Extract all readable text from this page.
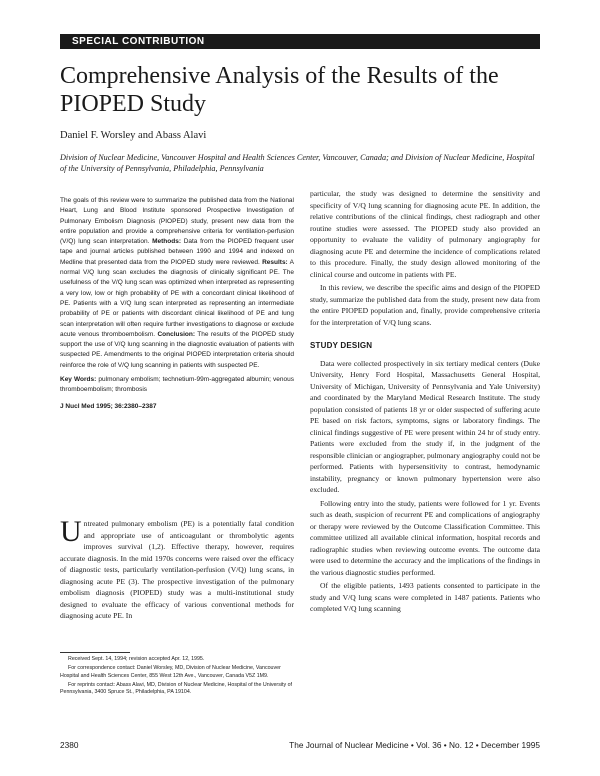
SPECIAL CONTRIBUTION
Comprehensive Analysis of the Results of the PIOPED Study
Daniel F. Worsley and Abass Alavi
Division of Nuclear Medicine, Vancouver Hospital and Health Sciences Center, Vancouver, Canada; and Division of Nuclear Medicine, Hospital of the University of Pennsylvania, Philadelphia, Pennsylvania

The goals of this review were to summarize the published data from the National Heart, Lung and Blood Institute sponsored Prospective Investigation of Pulmonary Embolism Diagnosis (PIOPED) study, present new data from the entire population and provide a comprehensive criteria for ventilation-perfusion (V/Q) lung scan interpretation. Methods: Data from the PIOPED frequent user tape and journal articles published between 1990 and 1994 and indexed on Medline that presented data from the PIOPED study were reviewed. Results: A normal V/Q lung scan excludes the diagnosis of clinically significant PE. The usefulness of the V/Q lung scan was optimized when interpreted as representing a very low, low or high probability of PE with a concordant clinical likelihood of PE. Patients with a V/Q lung scan interpreted as representing an intermediate probability of PE or patients with discordant clinical likelihood of PE and lung scan interpretation will often require further investigations to diagnose or exclude acute venous thromboembolism. Conclusion: The results of the PIOPED study support the use of V/Q lung scanning in the diagnostic evaluation of patients with suspected PE. Amendments to the original PIOPED interpretation criteria should reinforce the role of V/Q lung scanning in patients with suspected PE.

Key Words: pulmonary embolism; technetium-99m-aggregated albumin; venous thromboembolism; thrombosis

J Nucl Med 1995; 36:2380–2387

Untreated pulmonary embolism (PE) is a potentially fatal condition and appropriate use of anticoagulant or thrombolytic agents improves survival (1,2). Effective therapy, however, requires accurate diagnosis. In the mid 1970s concerns were raised over the efficacy of diagnostic tests, particularly ventilation-perfusion (V/Q) lung scans, in diagnosing acute PE (3). The prospective investigation of the pulmonary embolism diagnosis (PIOPED) study was a multi-institutional study designed to evaluate the efficacy of various conventional methods for diagnosing acute PE. In

Received Sept. 14, 1994; revision accepted Apr. 12, 1995.

For correspondence contact: Daniel Worsley, MD, Division of Nuclear Medicine, Vancouver Hospital and Health Sciences Center, 855 West 12th Ave., Vancouver, Canada V5Z 1M9.

For reprints contact: Abass Alavi, MD, Division of Nuclear Medicine, Hospital of the University of Pennsylvania, 3400 Spruce St., Philadelphia, PA 19104.

particular, the study was designed to determine the sensitivity and specificity of V/Q lung scanning for diagnosing acute PE. In addition, the relative contributions of the clinical findings, chest radiograph and other routine studies were assessed. The PIOPED study also provided an opportunity to evaluate the validity of pulmonary angiography for diagnosing acute PE and determine the incidence of complications related to this procedure. Finally, the study design allowed monitoring of the clinical course and outcome in patients with PE.

In this review, we describe the specific aims and design of the PIOPED study, summarize the published data from the study, present new data from the entire PIOPED population and, finally, provide comprehensive criteria for the interpretation of V/Q lung scans.

STUDY DESIGN

Data were collected prospectively in six tertiary medical centers (Duke University, Henry Ford Hospital, Massachusetts General Hospital, University of Michigan, University of Pennsylvania and Yale University) and coordinated by the Maryland Medical Research Institute. The study population consisted of patients 18 yr or older suspected of suffering acute PE based on risk factors, symptoms, signs or laboratory findings. The clinical findings suggestive of PE were present within 24 hr of study entry. Patients were excluded from the study if, in the judgment of the responsible clinician or angiographer, pulmonary angiography could not be performed. Patients with hypersensitivity to contrast, hemodynamic instability, pregnancy or known pulmonary hypertension were also excluded.

Following entry into the study, patients were followed for 1 yr. Events such as death, suspicion of recurrent PE and complications of angiography or therapy were reviewed by the Outcome Classification Committee. This committee utilized all available clinical information, hospital records and radiographic studies when reviewing outcome events. The outcome data were used to determine the accuracy and the implications of the findings in the various diagnostic studies performed.

Of the eligible patients, 1493 patients consented to participate in the study and V/Q lung scans were completed in 1487 patients. Patients who completed V/Q lung scanning

2380	The Journal of Nuclear Medicine • Vol. 36 • No. 12 • December 1995
